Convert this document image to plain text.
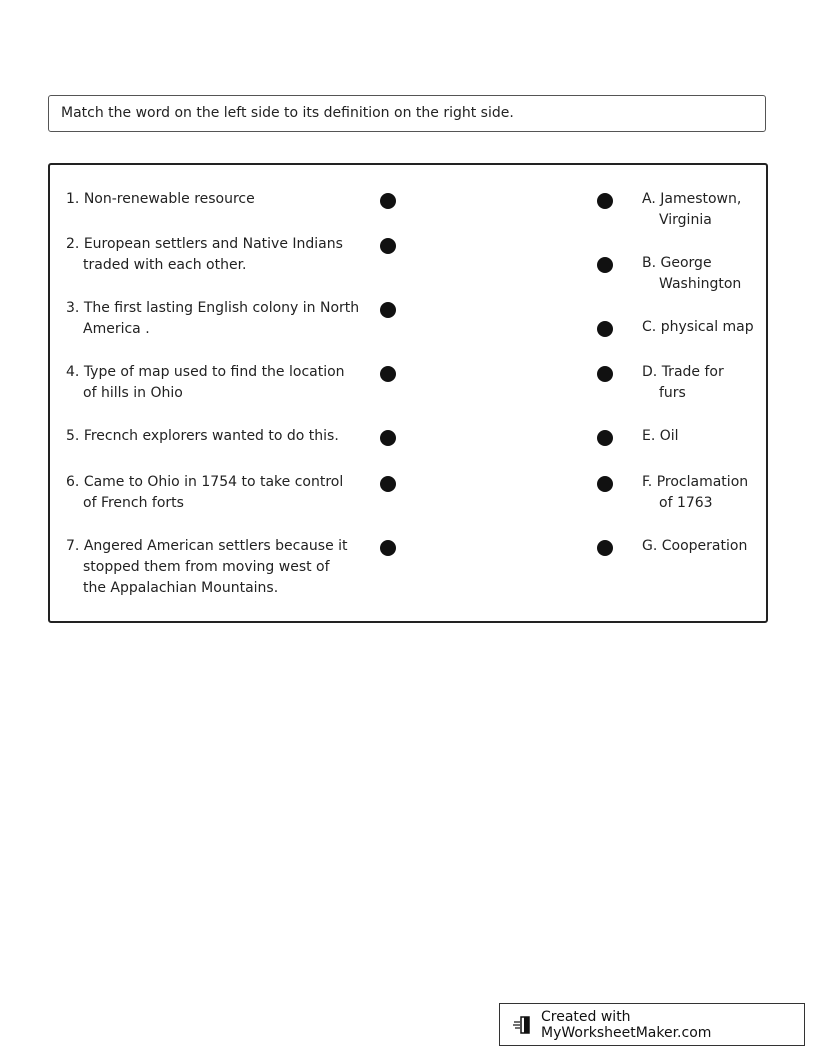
Match the word on the left side to its definition on the right side.
1. Non-renewable resource
2. European settlers and Native Indians
traded with each other.
3. The first lasting English colony in North
America .
4. Type of map used to find the location
of hills in Ohio
5. Frecnch explorers wanted to do this.
6. Came to Ohio in 1754 to take control
of French forts
7. Angered American settlers because it
stopped them from moving west of
the Appalachian Mountains.
A. Jamestown,
Virginia
B. George
Washington
C. physical map
D. Trade for
furs
E. Oil
F. Proclamation
of 1763
G. Cooperation
Created with MyWorksheetMaker.com
